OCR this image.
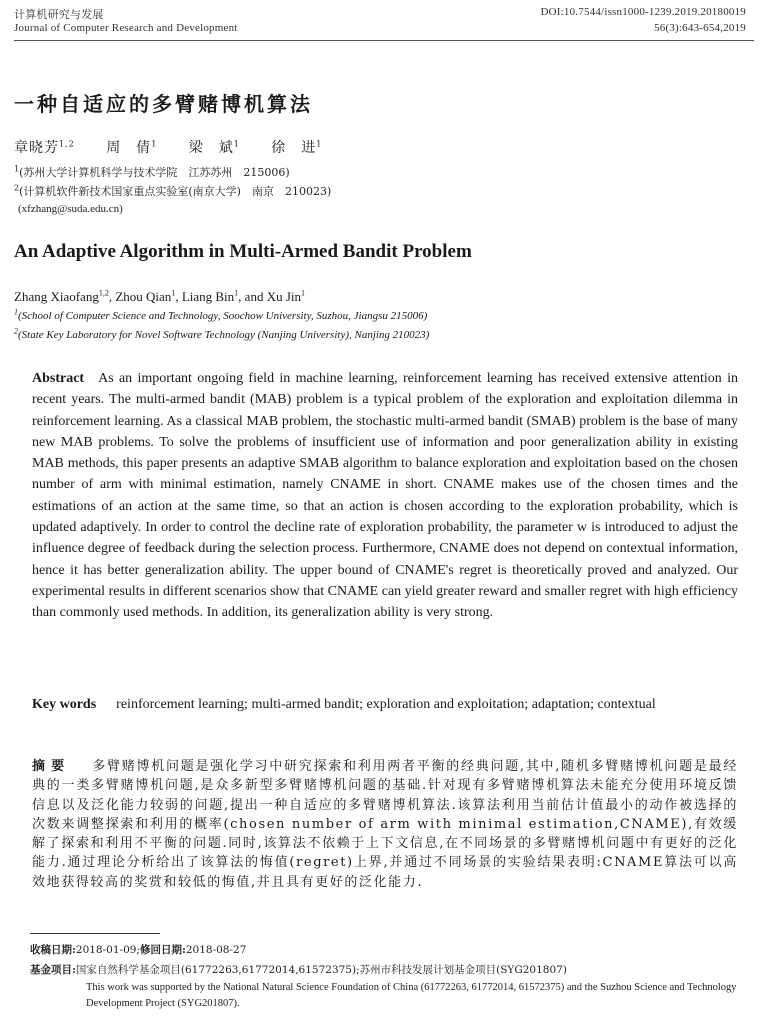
计算机研究与发展
Journal of Computer Research and Development
DOI:10.7544/issn1000-1239.2019.20180019
56(3):643-654,2019
一种自适应的多臂赌博机算法
章晓芳$^{1,2}$ 周　倩$^1$ 梁　斌$^1$ 徐　进$^1$
$^1$(苏州大学计算机科学与技术学院　江苏苏州　215006)
$^2$(计算机软件新技术国家重点实验室(南京大学)　南京　210023)
(xfzhang@suda.edu.cn)
An Adaptive Algorithm in Multi-Armed Bandit Problem
Zhang Xiaofang$^{1,2}$, Zhou Qian$^1$, Liang Bin$^1$, and Xu Jin$^1$
$^1$(School of Computer Science and Technology, Soochow University, Suzhou, Jiangsu 215006)
$^2$(State Key Laboratory for Novel Software Technology (Nanjing University), Nanjing 210023)
Abstract As an important ongoing field in machine learning, reinforcement learning has received extensive attention in recent years. The multi-armed bandit (MAB) problem is a typical problem of the exploration and exploitation dilemma in reinforcement learning. As a classical MAB problem, the stochastic multi-armed bandit (SMAB) problem is the base of many new MAB problems. To solve the problems of insufficient use of information and poor generalization ability in existing MAB methods, this paper presents an adaptive SMAB algorithm to balance exploration and exploitation based on the chosen number of arm with minimal estimation, namely CNAME in short. CNAME makes use of the chosen times and the estimations of an action at the same time, so that an action is chosen according to the exploration probability, which is updated adaptively. In order to control the decline rate of exploration probability, the parameter w is introduced to adjust the influence degree of feedback during the selection process. Furthermore, CNAME does not depend on contextual information, hence it has better generalization ability. The upper bound of CNAME's regret is theoretically proved and analyzed. Our experimental results in different scenarios show that CNAME can yield greater reward and smaller regret with high efficiency than commonly used methods. In addition, its generalization ability is very strong.
Key words reinforcement learning; multi-armed bandit; exploration and exploitation; adaptation; contextual
摘要 多臂赌博机问题是强化学习中研究探索和利用两者平衡的经典问题,其中,随机多臂赌博机问题是最经典的一类多臂赌博机问题,是众多新型多臂赌博机问题的基础.针对现有多臂赌博机算法未能充分使用环境反馈信息以及泛化能力较弱的问题,提出一种自适应的多臂赌博机算法.该算法利用当前估计值最小的动作被选择的次数来调整探索和利用的概率(chosen number of arm with minimal estimation,CNAME),有效缓解了探索和利用不平衡的问题.同时,该算法不依赖于上下文信息,在不同场景的多臂赌博机问题中有更好的泛化能力.通过理论分析给出了该算法的悔值(regret)上界,并通过不同场景的实验结果表明:CNAME算法可以高效地获得较高的奖赏和较低的悔值,并且具有更好的泛化能力.
收稿日期:2018-01-09;修回日期:2018-08-27
基金项目:国家自然科学基金项目(61772263,61772014,61572375);苏州市科技发展计划基金项目(SYG201807)
This work was supported by the National Natural Science Foundation of China (61772263, 61772014, 61572375) and the Suzhou Science and Technology Development Project (SYG201807).
